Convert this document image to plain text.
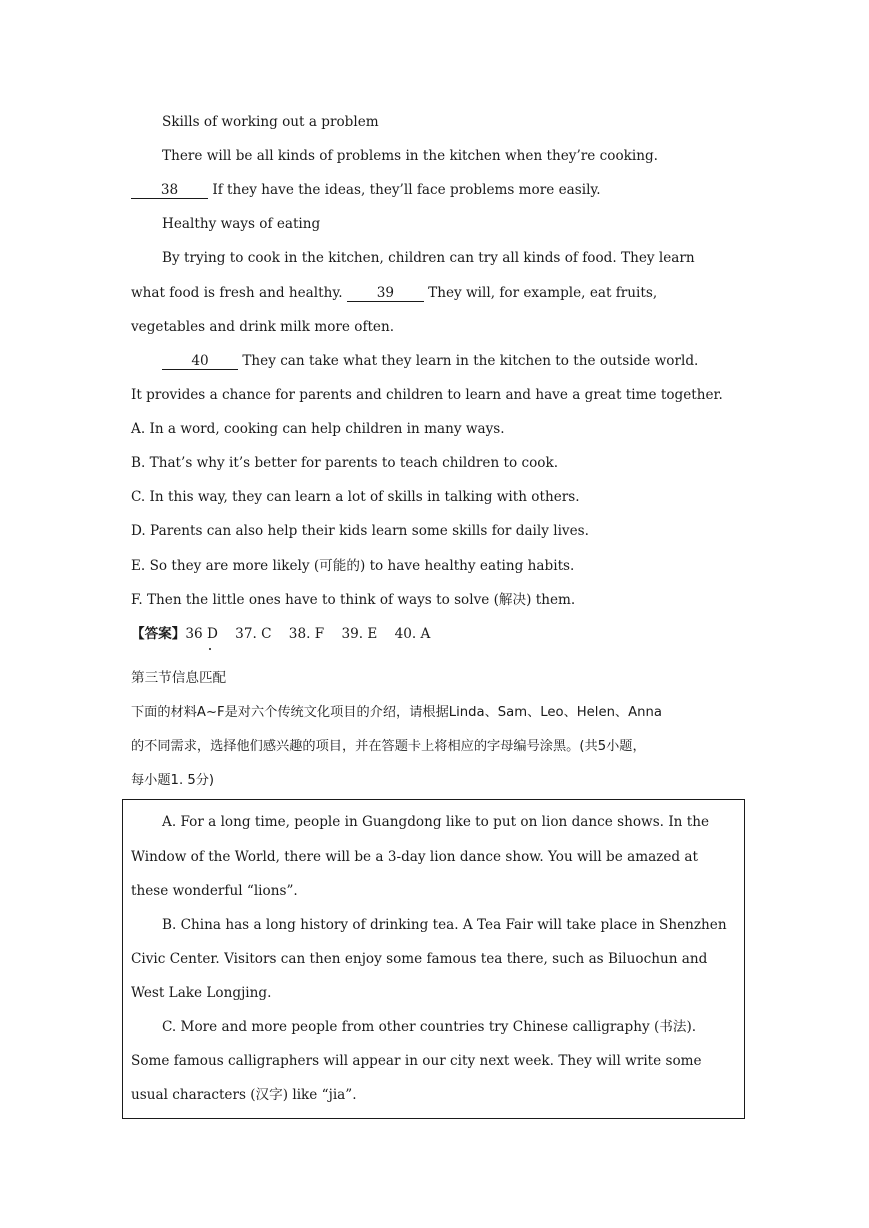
Skills of working out a problem
There will be all kinds of problems in the kitchen when they’re cooking.
38 If they have the ideas, they’ll face problems more easily.
Healthy ways of eating
By trying to cook in the kitchen, children can try all kinds of food. They learn
what food is fresh and healthy. 39 They will, for example, eat fruits,
vegetables and drink milk more often.
40 They can take what they learn in the kitchen to the outside world.
It provides a chance for parents and children to learn and have a great time together.
A. In a word, cooking can help children in many ways.
B. That’s why it’s better for parents to teach children to cook.
C. In this way, they can learn a lot of skills in talking with others.
D. Parents can also help their kids learn some skills for daily lives.
E. So they are more likely (可能的) to have healthy eating habits.
F. Then the little ones have to think of ways to solve (解决) them.
【答案】36 D    37. C    38. F    39. E    40. A
第三节信息匹配
下面的材料A~F是对六个传统文化项目的介绍，请根据Linda、Sam、Leo、Helen、Anna
的不同需求，选择他们感兴趣的项目，并在答题卡上将相应的字母编号涂黑。(共5小题，
每小题1. 5分)
A. For a long time, people in Guangdong like to put on lion dance shows. In the
Window of the World, there will be a 3-day lion dance show. You will be amazed at
these wonderful “lions”.
B. China has a long history of drinking tea. A Tea Fair will take place in Shenzhen
Civic Center. Visitors can then enjoy some famous tea there, such as Biluochun and
West Lake Longjing.
C. More and more people from other countries try Chinese calligraphy (书法).
Some famous calligraphers will appear in our city next week. They will write some
usual characters (汉字) like “jia”.
